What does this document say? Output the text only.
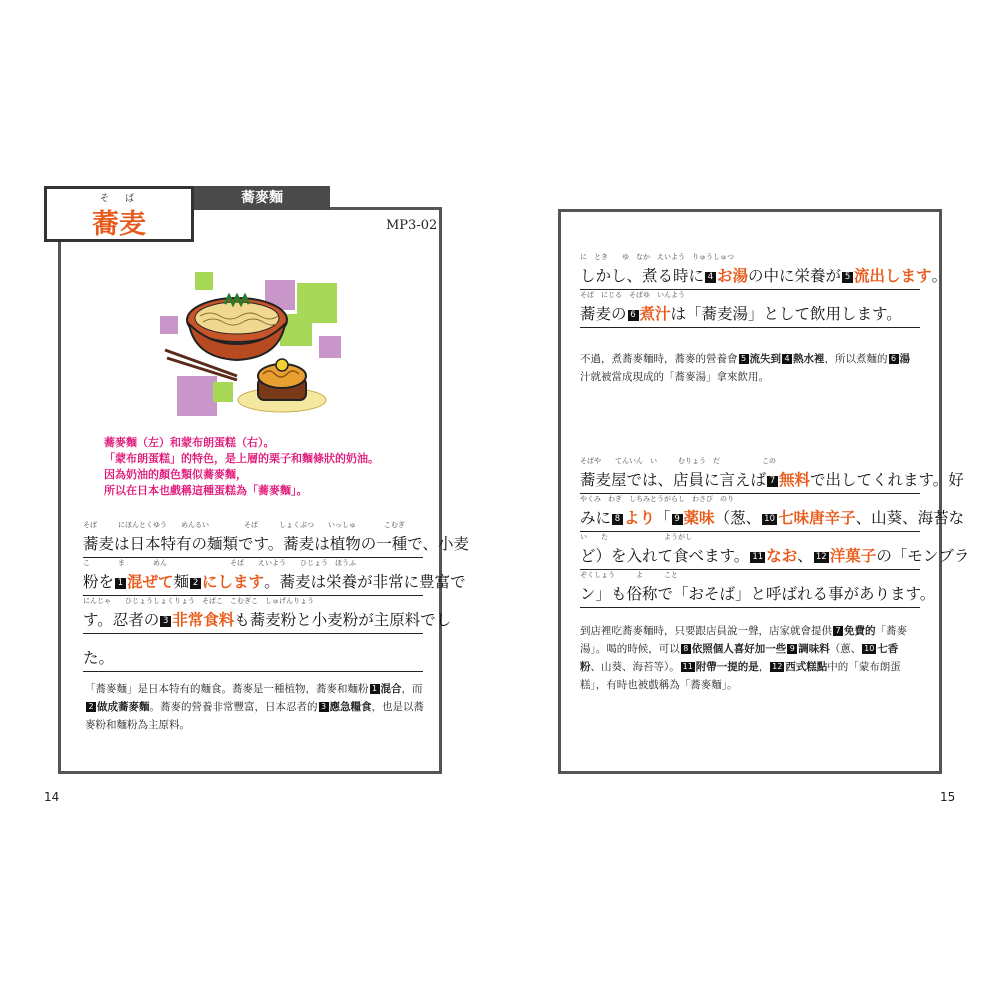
そば
蕎麦
蕎麥麵
MP3-02
蕎麥麵（左）和蒙布朗蛋糕（右）。
「蒙布朗蛋糕」的特色，是上層的栗子和麵條狀的奶油。
因為奶油的顏色類似蕎麥麵，
所以在日本也戲稱這種蛋糕為「蕎麥麵」。
そば　　　にほんとくゆう　　めんるい　　　　　そば　　　しょくぶつ　　いっしゅ　　　　こむぎ
蕎麦は日本特有の麺類です。蕎麦は植物の一種で、小麦
こ　　　　ま　　　　めん　　　　　　　　　そば　　えいよう　　ひじょう　ほうふ
粉を 1 混ぜて麺 2 にします。蕎麦は栄養が非常に豊富で
にんじゃ　　ひじょうしょくりょう　そばこ　こむぎこ　しゅげんりょう
す。忍者の 3 非常食料も蕎麦粉と小麦粉が主原料でし
た。
「蕎麥麵」是日本特有的麵食。蕎麥是一種植物，蕎麥和麵粉 1 混合，而
2 做成蕎麥麵。蕎麥的營養非常豐富，日本忍者的 3 應急糧食，也是以蕎
麥粉和麵粉為主原料。
14
に　とき　　ゆ　なか　えいよう　りゅうしゅつ
しかし、煮る時に 4 お湯の中に栄養が 5 流出します。
そば　にじる　そばゆ　いんよう
蕎麦の 6 煮汁は「蕎麦湯」として飲用します。
不過，煮蕎麥麵時，蕎麥的營養會 5 流失到 4 熱水裡，所以煮麵的 6 湯
汁就被當成現成的「蕎麥湯」拿來飲用。
そばや　　てんいん　い　　　むりょう　だ　　　　　　この
蕎麦屋では、店員に言えば 7 無料で出してくれます。好
やくみ　わぎ　しちみとうがらし　わさび　のり
みに 8 より「 9 薬味（葱、 10 七味唐辛子、山葵、海苔な
い　　た　　　　　　　　ようがし
ど）を入れて食べます。 11 なお、 12 洋菓子の「モンブラ
ぞくしょう　　　よ　　　こと
ン」も俗称で「おそば」と呼ばれる事があります。
到店裡吃蕎麥麵時，只要跟店員說一聲，店家就會提供 7 免費的「蕎麥
湯」。喝的時候，可以 8 依照個人喜好加一些 9 調味料（蔥、 10 七香
粉、山葵、海苔等）。 11 附帶一提的是， 12 西式糕點中的「蒙布朗蛋
糕」，有時也被戲稱為「蕎麥麵」。
15
